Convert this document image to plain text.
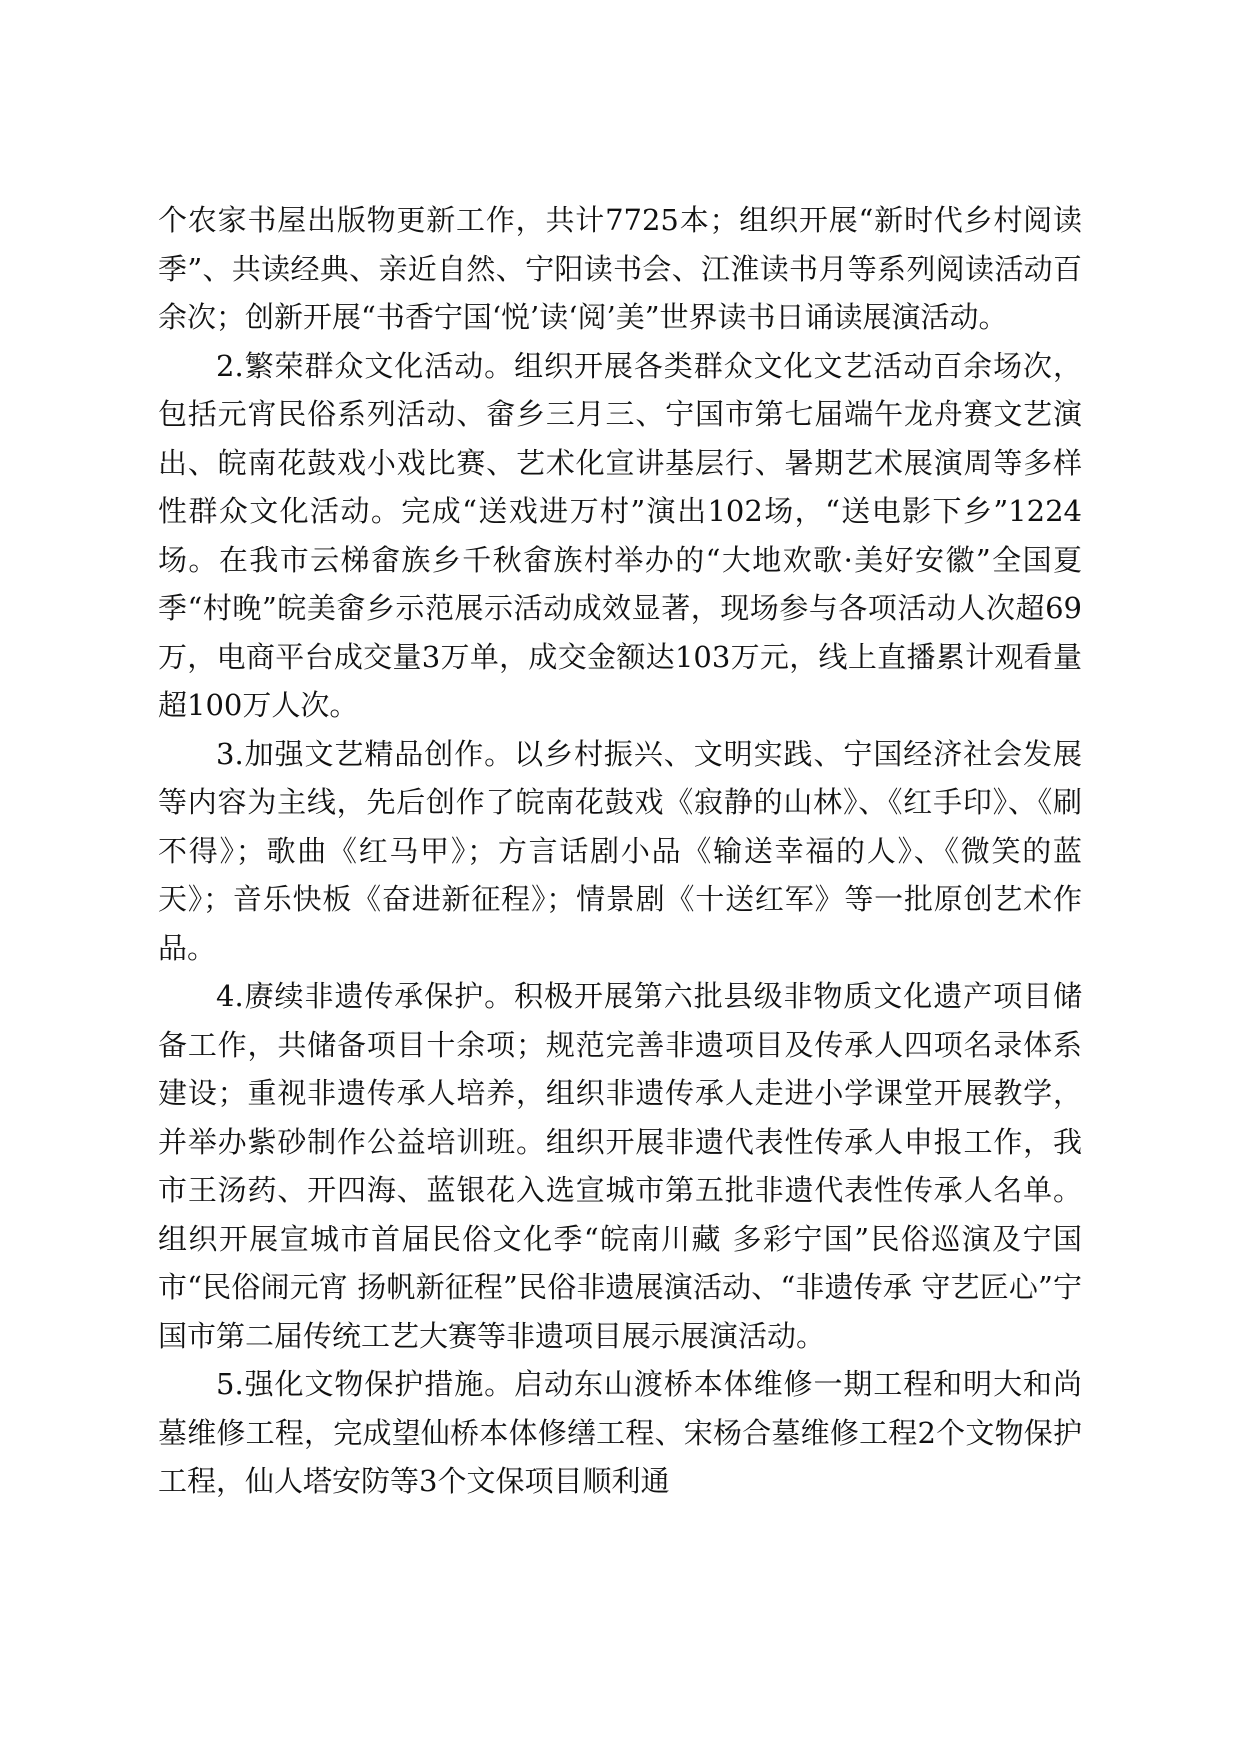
个农家书屋出版物更新工作，共计7725本；组织开展“新时代乡村阅读季”、共读经典、亲近自然、宁阳读书会、江淮读书月等系列阅读活动百余次；创新开展“书香宁国‘悦’读‘阅’美”世界读书日诵读展演活动。

2.繁荣群众文化活动。组织开展各类群众文化文艺活动百余场次，包括元宵民俗系列活动、畲乡三月三、宁国市第七届端午龙舟赛文艺演出、皖南花鼓戏小戏比赛、艺术化宣讲基层行、暑期艺术展演周等多样性群众文化活动。完成“送戏进万村”演出102场，“送电影下乡”1224场。在我市云梯畲族乡千秋畲族村举办的“大地欢歌·美好安徽”全国夏季“村晚”皖美畲乡示范展示活动成效显著，现场参与各项活动人次超69万，电商平台成交量3万单，成交金额达103万元，线上直播累计观看量超100万人次。

3.加强文艺精品创作。以乡村振兴、文明实践、宁国经济社会发展等内容为主线，先后创作了皖南花鼓戏《寂静的山林》、《红手印》、《刷不得》；歌曲《红马甲》；方言话剧小品《输送幸福的人》、《微笑的蓝天》；音乐快板《奋进新征程》；情景剧《十送红军》等一批原创艺术作品。

4.赓续非遗传承保护。积极开展第六批县级非物质文化遗产项目储备工作，共储备项目十余项；规范完善非遗项目及传承人四项名录体系建设；重视非遗传承人培养，组织非遗传承人走进小学课堂开展教学，并举办紫砂制作公益培训班。组织开展非遗代表性传承人申报工作，我市王汤药、开四海、蓝银花入选宣城市第五批非遗代表性传承人名单。组织开展宣城市首届民俗文化季“皖南川藏 多彩宁国”民俗巡演及宁国市“民俗闹元宵 扬帆新征程”民俗非遗展演活动、“非遗传承 守艺匠心”宁国市第二届传统工艺大赛等非遗项目展示展演活动。

5.强化文物保护措施。启动东山渡桥本体维修一期工程和明大和尚墓维修工程，完成望仙桥本体修缮工程、宋杨合墓维修工程2个文物保护工程，仙人塔安防等3个文保项目顺利通
